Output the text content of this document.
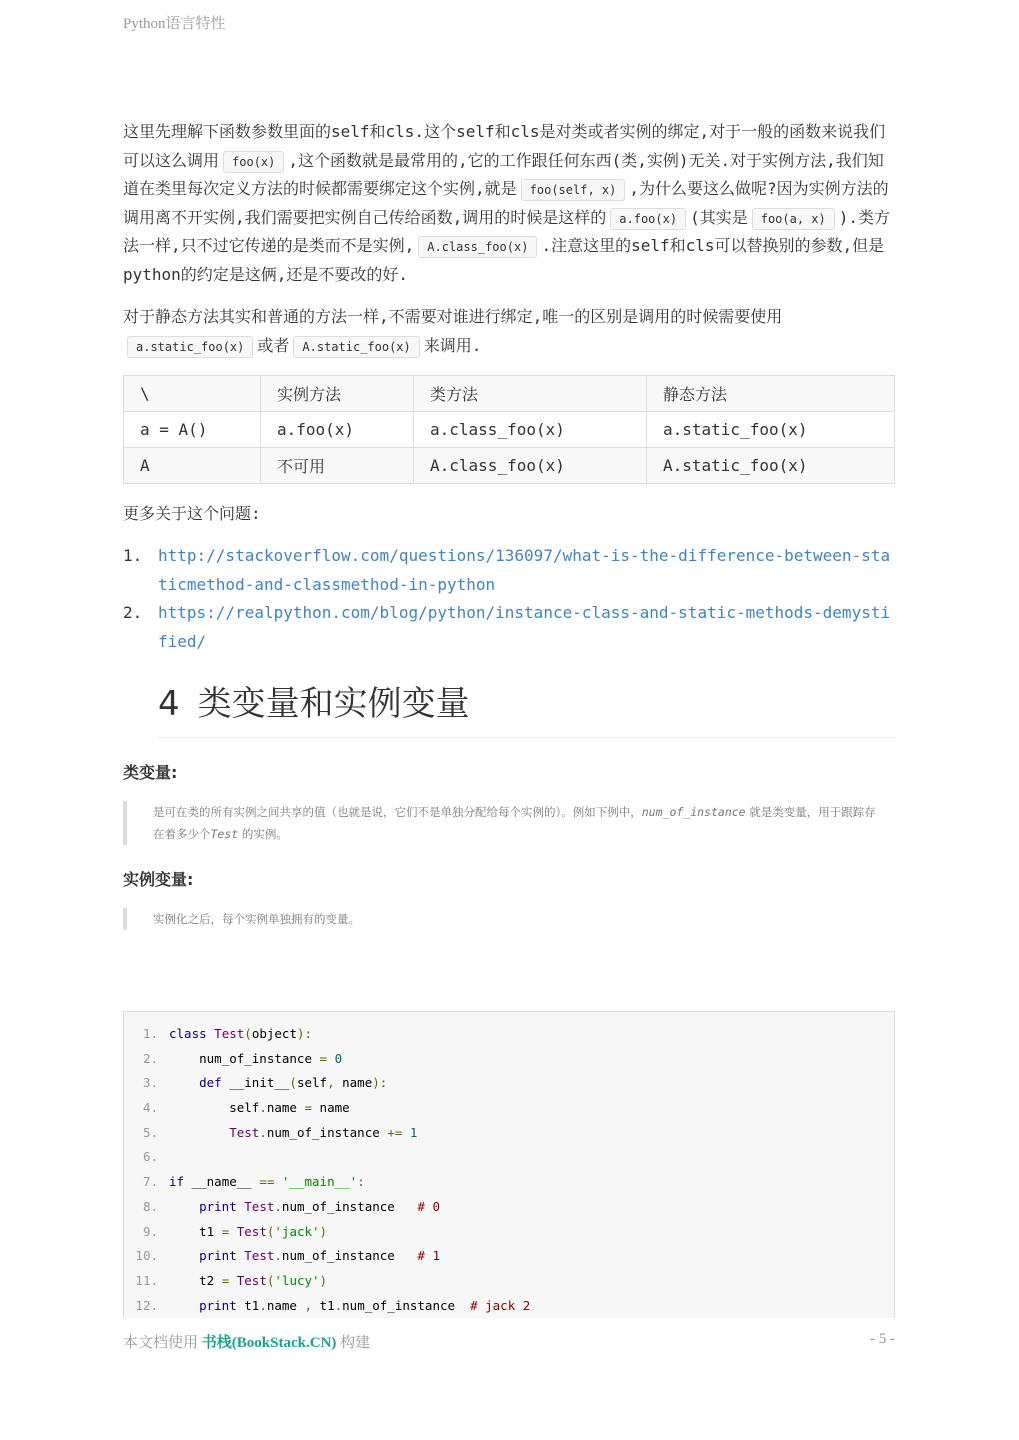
Python语言特性

这里先理解下函数参数里面的self和cls.这个self和cls是对类或者实例的绑定,对于一般的函数来说我们可以这么调用 foo(x) ,这个函数就是最常用的,它的工作跟任何东西(类,实例)无关.对于实例方法,我们知道在类里每次定义方法的时候都需要绑定这个实例,就是 foo(self, x) ,为什么要这么做呢?因为实例方法的调用离不开实例,我们需要把实例自己传给函数,调用的时候是这样的 a.foo(x) (其实是 foo(a, x) ).类方法一样,只不过它传递的是类而不是实例, A.class_foo(x) .注意这里的self和cls可以替换别的参数,但是python的约定是这俩,还是不要改的好.

对于静态方法其实和普通的方法一样,不需要对谁进行绑定,唯一的区别是调用的时候需要使用a.static_foo(x) 或者 A.static_foo(x) 来调用.

\	实例方法	类方法	静态方法
a = A()	a.foo(x)	a.class_foo(x)	a.static_foo(x)
A	不可用	A.class_foo(x)	A.static_foo(x)
更多关于这个问题:
1. http://stackoverflow.com/questions/136097/what-is-the-difference-between-staticmethod-and-classmethod-in-python
2. https://realpython.com/blog/python/instance-class-and-static-methods-demystified/
4 类变量和实例变量
类变量:
是可在类的所有实例之间共享的值（也就是说，它们不是单独分配给每个实例的）。例如下例中，num_of_instance 就是类变量，用于跟踪存在着多少个Test 的实例。
实例变量:
实例化之后，每个实例单独拥有的变量。
1. class Test(object):
2. num_of_instance = 0
3.	def __init__(self, name):
4. self.name = name
5.	Test.num_of_instance += 1
6.
7. if __name__ == '__main__':
8.	print Test.num_of_instance   # 0
9. t1 = Test('jack')
10.	print Test.num_of_instance   # 1
11. t2 = Test('lucy')
12.	print t1.name , t1.num_of_instance  # jack 2
本文档使用 书栈(BookStack.CN) 构建	- 5 -
